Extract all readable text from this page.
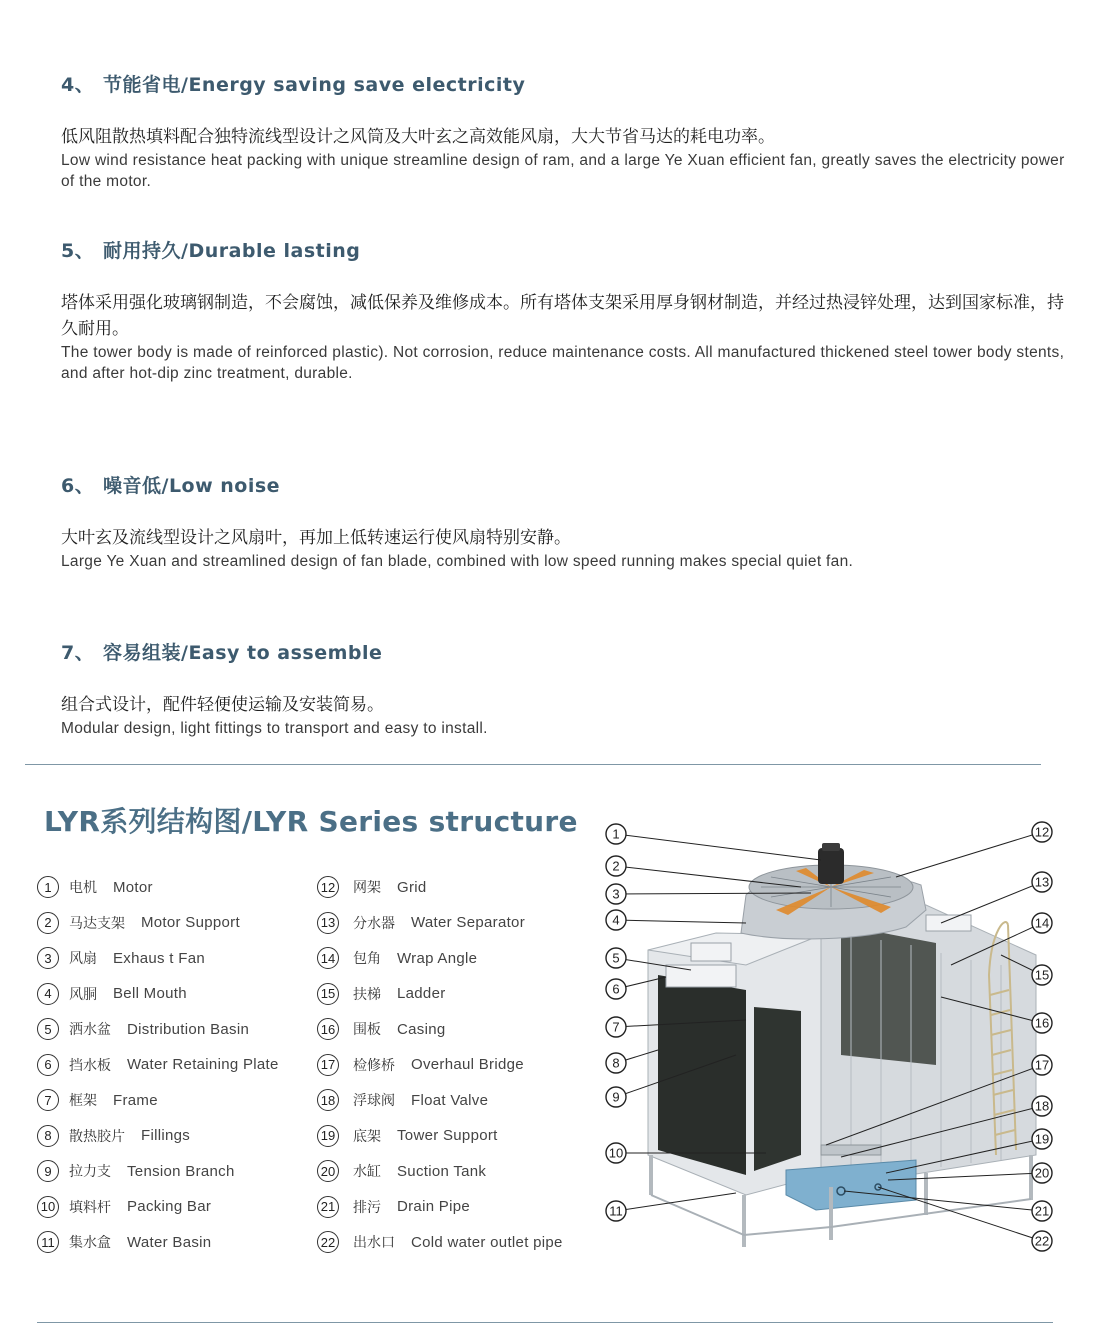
4、 节能省电/Energy saving save electricity

低风阻散热填料配合独特流线型设计之风筒及大叶玄之高效能风扇，大大节省马达的耗电功率。

Low wind resistance heat packing with unique streamline design of ram, and a large Ye Xuan efficient fan, greatly saves the electricity power of the motor.

5、 耐用持久/Durable lasting

塔体采用强化玻璃钢制造，不会腐蚀，减低保养及维修成本。所有塔体支架采用厚身钢材制造，并经过热浸锌处理，达到国家标准，持久耐用。

The tower body is made of reinforced plastic). Not corrosion, reduce maintenance costs. All manufactured thickened steel tower body stents, and after hot-dip zinc treatment, durable.

6、 噪音低/Low noise

大叶玄及流线型设计之风扇叶，再加上低转速运行使风扇特别安静。

Large Ye Xuan and streamlined design of fan blade, combined with low speed running makes special quiet fan.

7、 容易组装/Easy to assemble

组合式设计，配件轻便使运输及安装简易。

Modular design, light fittings to transport and easy to install.

LYR系列结构图/LYR Series structure
1	电机 Motor
2	马达支架 Motor Support
3	风扇 Exhaus t Fan
4	风胴 Bell Mouth
5	洒水盆 Distribution Basin
6	挡水板 Water Retaining Plate
7	框架 Frame
8	散热胶片 Fillings
9	拉力支 Tension Branch
10 填料杆 Packing Bar
11	集水盒 Water Basin
12 网架 Grid
13 分水器 Water Separator
14 包角 Wrap Angle
15 扶梯 Ladder
16 围板 Casing
17 检修桥 Overhaul Bridge
18 浮球阀 Float Valve
19 底架 Tower Support
20 水缸 Suction Tank
21 排污 Drain Pipe
22 出水口 Cold water outlet pipe
1
2
3
4
5
6
7
8
9
10
11
12
13
14
15
16
17
18
19
20
21
22
